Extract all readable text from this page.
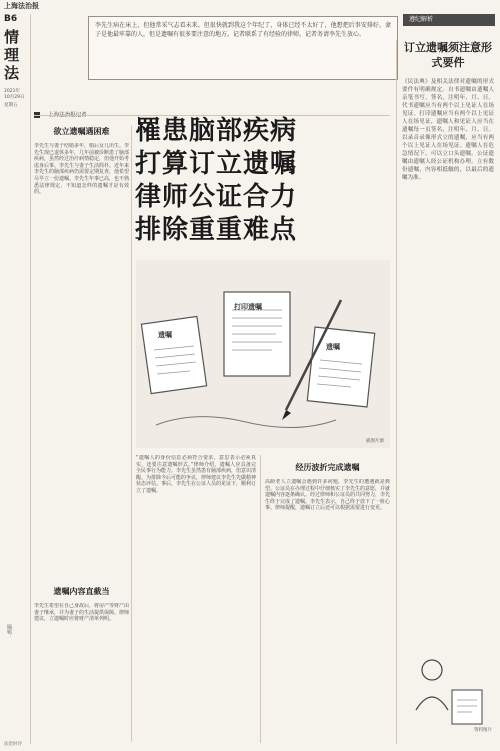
上海法治报
B6
情理法
2021年 10月29日
星期五
编辑：
李先生病在床上，但他常采气志看未来。但很快就到我这个年纪了，身体已经不太好了，他想把后事安排好。妻子是他最牢靠的人，但是遗嘱有很多要注意的地方。记者联系了有经验的律师。记者务请李先生放心。
遵纪解析
罹患脑部疾病
打算订立遗嘱
律师公证合力
排除重重难点
欲立遗嘱遇困难
李先生与妻子结婚多年，婚后女儿出生。李先生现已退休多年，几年前被诊断患了脑部疾病，虽然经过治疗病情稳定，但他开始考虑身后事。李先生与妻子生活简朴。近年来李先生的脑部疾病仍需要定期复查，他希望尽早立一份遗嘱。李先生年事已高，也不熟悉法律规定，不知道怎样的遗嘱才是有效的。
遗嘱内容直截当
李先生希望在自己身故后，将房产等财产由妻子继承，并为妻子的生活提供保障。律师建议，立遗嘱时应将财产清单列明。
打印遗嘱
遗嘱
遗嘱
插图片源
“遗嘱人的身份信息必须符合要求，意思表示必须真实，还要注意遗嘱形式。”律师介绍，遗嘱人应具备完全民事行为能力。李先生虽然患有脑部疾病，但意识清醒。为排除今后可能的争议，律师建议李先生先做精神状态评估。事后，李先生在公证人员的见证下，顺利订立了遗嘱。
经历波折完成遗嘱
高龄老人立遗嘱会遇到许多问题，李先生的遭遇就是典型。公证员在办理过程中仔细核实了李先生的意愿，并就遗嘱内容逐条确认。经过律师和公证员的共同努力，李先生终于完成了遗嘱。李先生表示，自己终于放下了一桩心事。律师提醒，遗嘱订立后还可以根据需要进行变更。
订立遗嘱须注意形式要件
《民法典》及相关法律对遗嘱的形式要件有明确规定。自书遗嘱由遗嘱人亲笔书写，签名，注明年、月、日。代书遗嘱应当有两个以上见证人在场见证。打印遗嘱应当有两个以上见证人在场见证，遗嘱人和见证人应当在遗嘱每一页签名，注明年、月、日。以录音录像形式立的遗嘱，应当有两个以上见证人在场见证。遗嘱人在危急情况下，可以立口头遗嘱。公证遗嘱由遗嘱人经公证机构办理。立有数份遗嘱，内容相抵触的，以最后的遗嘱为准。
资料图片
法治时评
